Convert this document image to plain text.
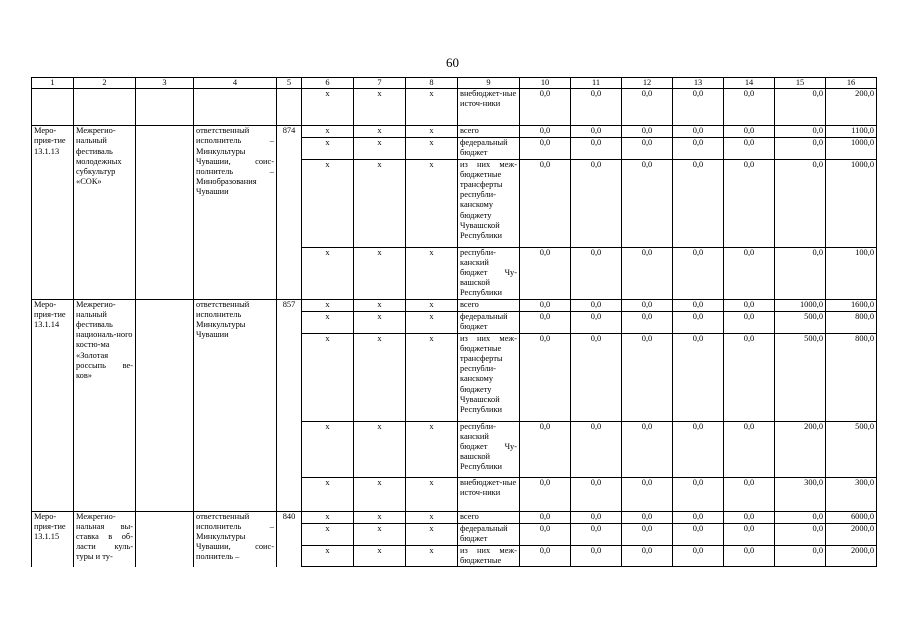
60
1	2	3	4	5	6	7	8	9	10	11	12	13	14	15	16
					х	х	х	внебюджет-ные источ-ники	0,0	0,0	0,0	0,0	0,0	0,0	200,0
Меро-прия-тие 13.1.13	Межрегио-нальный фестиваль молодежных субкультур «СОК»		ответственный исполнитель – Минкультуры Чувашии, соис-полнитель – Минобразования Чувашии	874	х	х	х	всего	0,0	0,0	0,0	0,0	0,0	0,0	1100,0
					х	х	х	федеральный бюджет	0,0	0,0	0,0	0,0	0,0	0,0	1000,0
					х	х	х	из них меж-бюджетные трансферты республи-канскому бюджету Чувашской Республики	0,0	0,0	0,0	0,0	0,0	0,0	1000,0
					х	х	х	республи-канский бюджет Чу-вашской Республики	0,0	0,0	0,0	0,0	0,0	0,0	100,0
Меро-прия-тие 13.1.14	Межрегио-нальный фестиваль националь-ного костю-ма «Золотая россыпь ве-ков»		ответственный исполнитель Минкультуры Чувашии	857	х	х	х	всего	0,0	0,0	0,0	0,0	0,0	1000,0	1600,0
					х	х	х	федеральный бюджет	0,0	0,0	0,0	0,0	0,0	500,0	800,0
					х	х	х	из них меж-бюджетные трансферты республи-канскому бюджету Чувашской Республики	0,0	0,0	0,0	0,0	0,0	500,0	800,0
					х	х	х	республи-канский бюджет Чу-вашской Республики	0,0	0,0	0,0	0,0	0,0	200,0	500,0
					х	х	х	внебюджет-ные источ-ники	0,0	0,0	0,0	0,0	0,0	300,0	300,0
Меро-прия-тие 13.1.15	Межрегио-нальная вы-ставка в об-ласти куль-туры и ту-		ответственный исполнитель – Минкультуры Чувашии, соис-полнитель –	840	х	х	х	всего	0,0	0,0	0,0	0,0	0,0	0,0	6000,0
					х	х	х	федеральный бюджет	0,0	0,0	0,0	0,0	0,0	0,0	2000,0
					х	х	х	из них меж-бюджетные	0,0	0,0	0,0	0,0	0,0	0,0	2000,0
